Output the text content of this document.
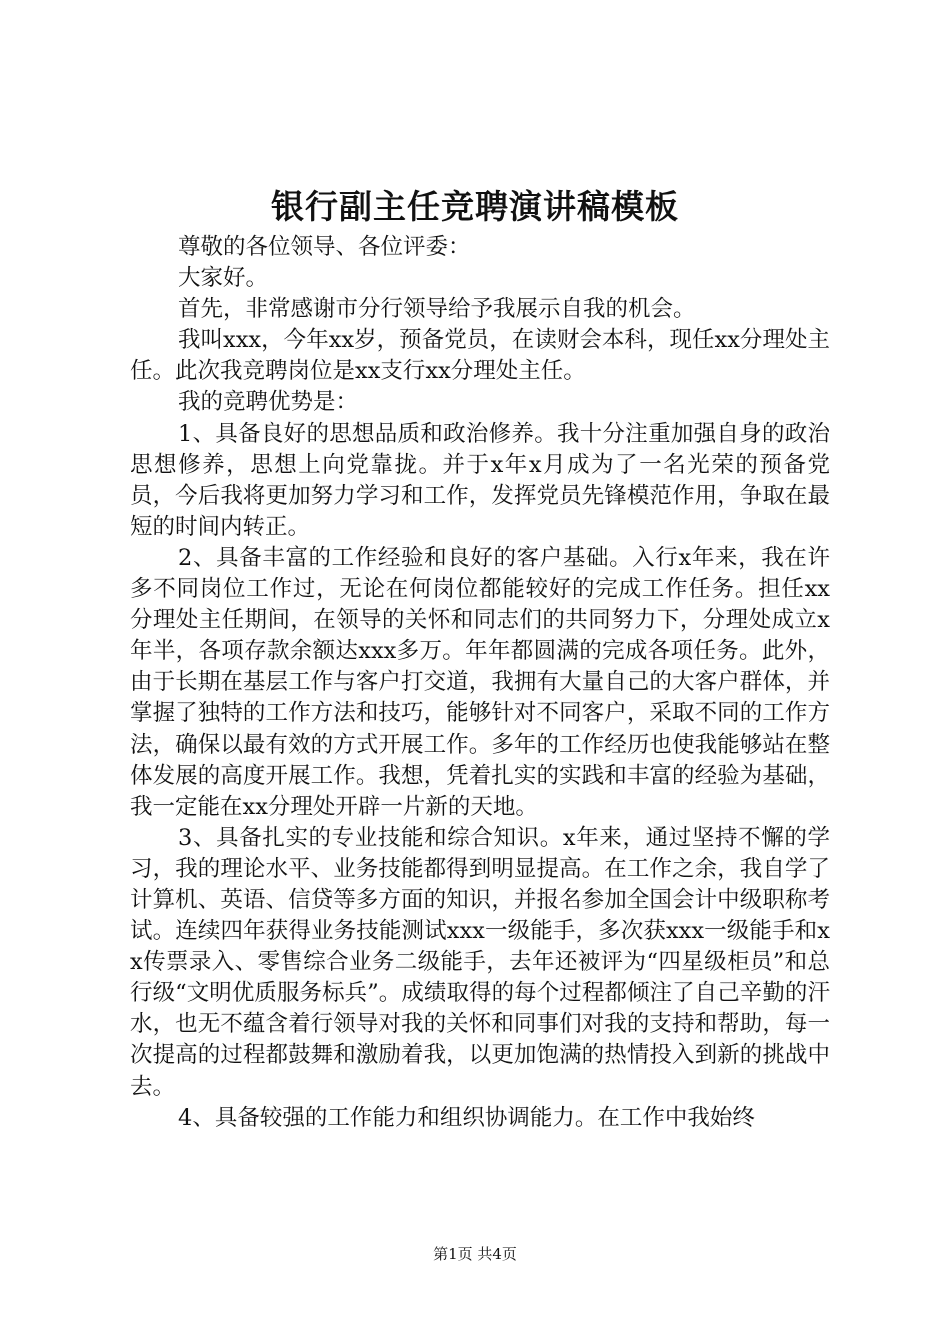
银行副主任竞聘演讲稿模板

尊敬的各位领导、各位评委：

大家好。

首先，非常感谢市分行领导给予我展示自我的机会。

我叫xxx，今年xx岁，预备党员，在读财会本科，现任xx分理处主任。此次我竞聘岗位是xx支行xx分理处主任。

我的竞聘优势是：

1、具备良好的思想品质和政治修养。我十分注重加强自身的政治思想修养，思想上向党靠拢。并于x年x月成为了一名光荣的预备党员，今后我将更加努力学习和工作，发挥党员先锋模范作用，争取在最短的时间内转正。

2、具备丰富的工作经验和良好的客户基础。入行x年来，我在许多不同岗位工作过，无论在何岗位都能较好的完成工作任务。担任xx分理处主任期间，在领导的关怀和同志们的共同努力下，分理处成立x年半，各项存款余额达xxx多万。年年都圆满的完成各项任务。此外，由于长期在基层工作与客户打交道，我拥有大量自己的大客户群体，并掌握了独特的工作方法和技巧，能够针对不同客户，采取不同的工作方法，确保以最有效的方式开展工作。多年的工作经历也使我能够站在整体发展的高度开展工作。我想，凭着扎实的实践和丰富的经验为基础，我一定能在xx分理处开辟一片新的天地。

3、具备扎实的专业技能和综合知识。x年来，通过坚持不懈的学习，我的理论水平、业务技能都得到明显提高。在工作之余，我自学了计算机、英语、信贷等多方面的知识，并报名参加全国会计中级职称考试。连续四年获得业务技能测试xxx一级能手，多次获xxx一级能手和xx传票录入、零售综合业务二级能手，去年还被评为“四星级柜员”和总行级“文明优质服务标兵”。成绩取得的每个过程都倾注了自己辛勤的汗水，也无不蕴含着行领导对我的关怀和同事们对我的支持和帮助，每一次提高的过程都鼓舞和激励着我，以更加饱满的热情投入到新的挑战中去。

4、具备较强的工作能力和组织协调能力。在工作中我始终

第1页 共4页
